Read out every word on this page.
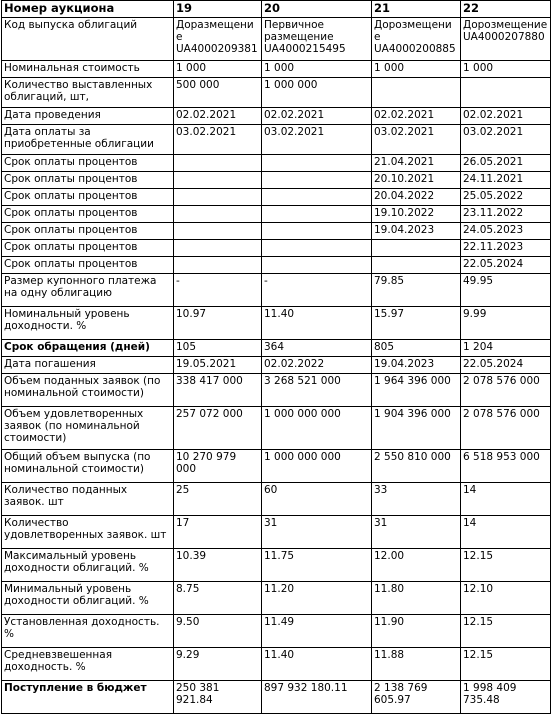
Номер аукциона	19	20	21	22
Код выпуска облигаций	Доразмещение UA4000209381	Первичное размещение UA4000215495	Дорозмещение UA4000200885	Дорозмещение UA4000207880
Номинальная стоимость	1 000	1 000	1 000	1 000
Количество выставленных облигаций, шт,	500 000	1 000 000		
Дата проведения	02.02.2021	02.02.2021	02.02.2021	02.02.2021
Дата оплаты за приобретенные облигации	03.02.2021	03.02.2021	03.02.2021	03.02.2021
Срок оплаты процентов			21.04.2021	26.05.2021
Срок оплаты процентов			20.10.2021	24.11.2021
Срок оплаты процентов			20.04.2022	25.05.2022
Срок оплаты процентов			19.10.2022	23.11.2022
Срок оплаты процентов			19.04.2023	24.05.2023
Срок оплаты процентов				22.11.2023
Срок оплаты процентов				22.05.2024
Размер купонного платежа на одну облигацию	-	-	79.85	49.95
Номинальный уровень доходности. %	10.97	11.40	15.97	9.99
Срок обращения (дней)	105	364	805	1 204
Дата погашения	19.05.2021	02.02.2022	19.04.2023	22.05.2024
Объем поданных заявок (по номинальной стоимости)	338 417 000	3 268 521 000	1 964 396 000	2 078 576 000
Объем удовлетворенных заявок (по номинальной стоимости)	257 072 000	1 000 000 000	1 904 396 000	2 078 576 000
Общий объем выпуска (по номинальной стоимости)	10 270 979 000	1 000 000 000	2 550 810 000	6 518 953 000
Количество поданных заявок. шт	25	60	33	14
Количество удовлетворенных заявок. шт	17	31	31	14
Максимальный уровень доходности облигаций. %	10.39	11.75	12.00	12.15
Минимальный уровень доходности облигаций. %	8.75	11.20	11.80	12.10
Установленная доходность. %	9.50	11.49	11.90	12.15
Средневзвешенная доходность. %	9.29	11.40	11.88	12.15
Поступление в бюджет	250 381 921.84	897 932 180.11	2 138 769 605.97	1 998 409 735.48
